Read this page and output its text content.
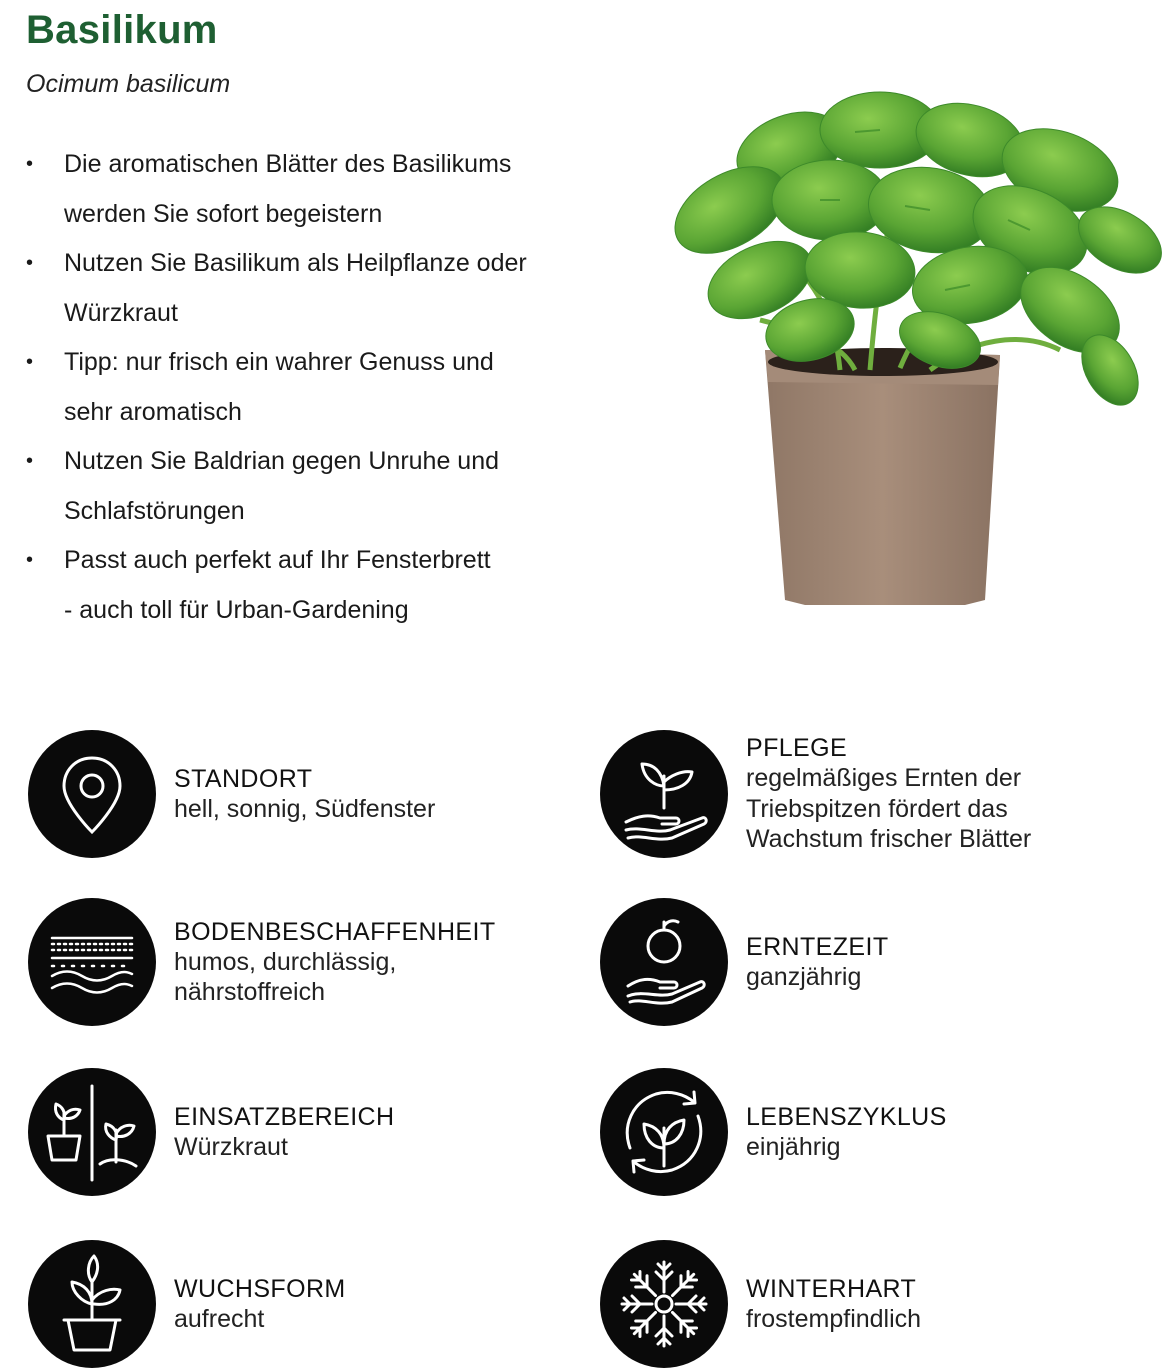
Basilikum

Ocimum basilicum

• Die aromatischen Blätter des Basilikums
werden Sie sofort begeistern
• Nutzen Sie Basilikum als Heilpflanze oder
Würzkraut
• Tipp: nur frisch ein wahrer Genuss und
sehr aromatisch
• Nutzen Sie Baldrian gegen Unruhe und
Schlafstörungen
• Passt auch perfekt auf Ihr Fensterbrett
- auch toll für Urban-Gardening
STANDORT
hell, sonnig, Südfenster
PFLEGE
regelmäßiges Ernten der
Triebspitzen fördert das
Wachstum frischer Blätter
BODENBESCHAFFENHEIT
humos, durchlässig,
nährstoffreich
ERNTEZEIT
ganzjährig
EINSATZBEREICH
Würzkraut
LEBENSZYKLUS
einjährig
WUCHSFORM
aufrecht
WINTERHART
frostempfindlich
